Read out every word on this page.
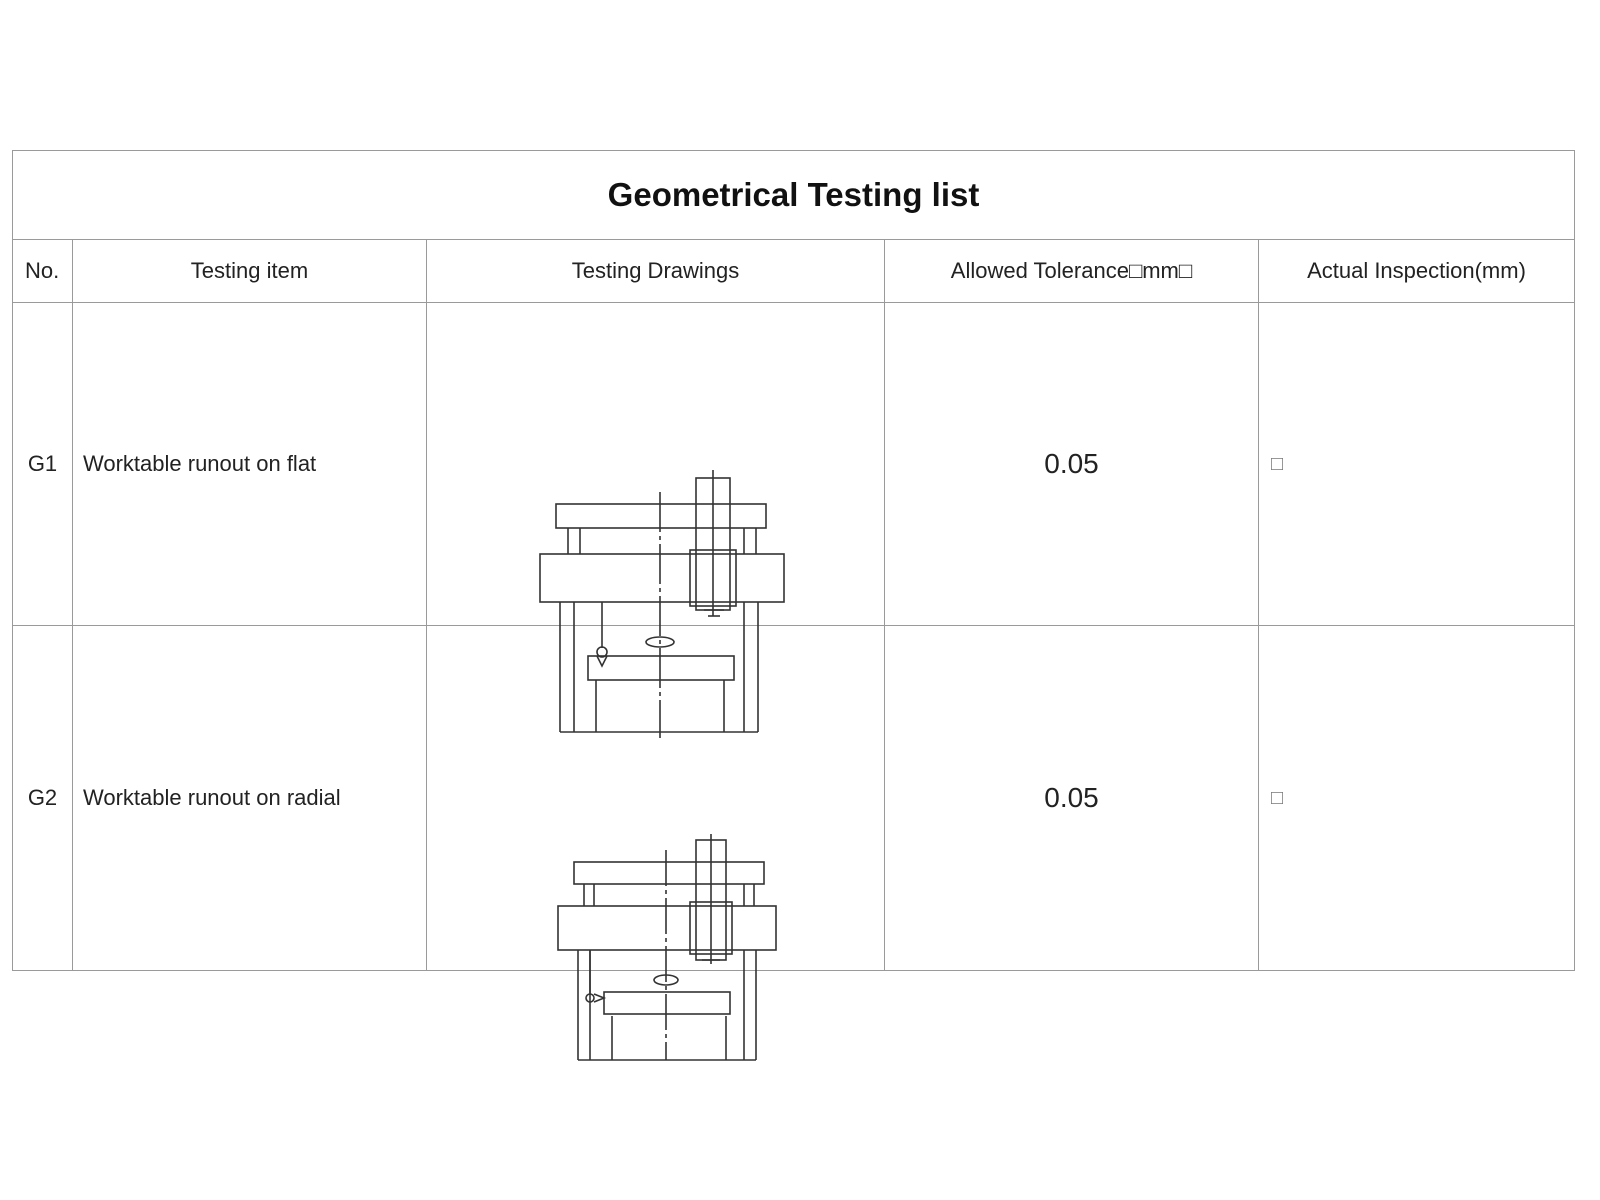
Geometrical Testing list				
No.	Testing item	Testing Drawings	Allowed Tolerance□mm□	Actual Inspection(mm)
G1	Worktable runout on flat		0.05	□
G2	Worktable runout on radial		0.05	□
